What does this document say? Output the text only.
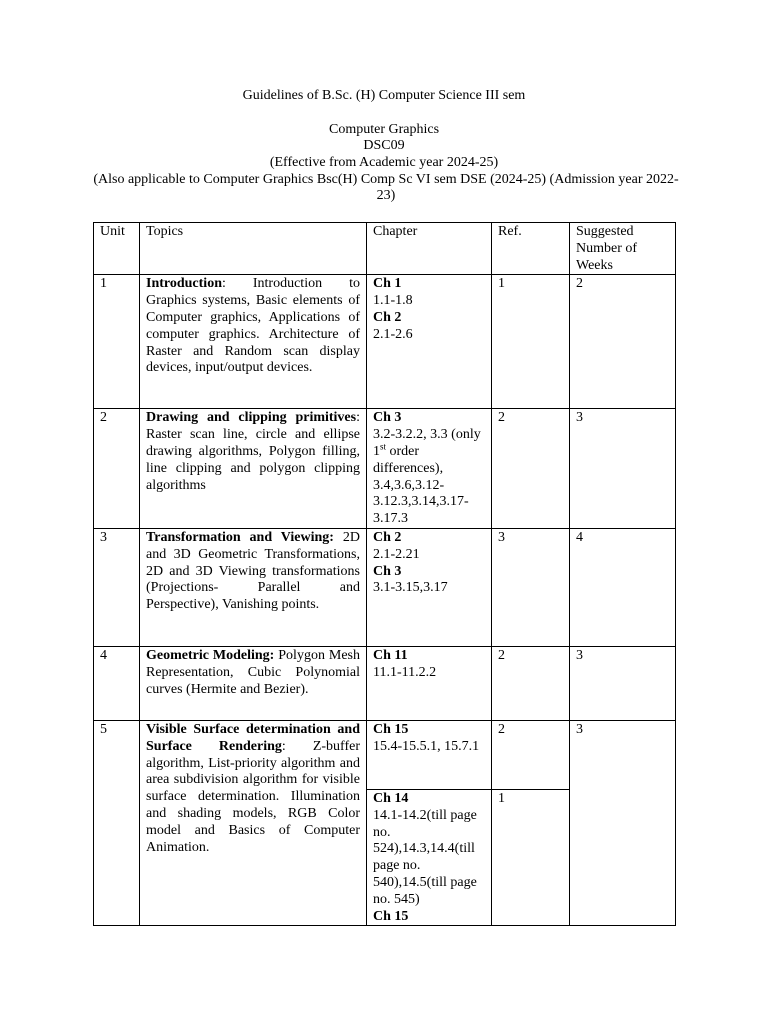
Guidelines of B.Sc. (H) Computer Science III sem
Computer Graphics
DSC09
(Effective from Academic year 2024-25)
(Also applicable to Computer Graphics Bsc(H) Comp Sc VI sem DSE (2024-25) (Admission year 2022-23)
Unit	Topics	Chapter	Ref.	Suggested Number of Weeks
1	Introduction: Introduction to Graphics systems, Basic elements of Computer graphics, Applications of computer graphics. Architecture of Raster and Random scan display devices, input/output devices.	Ch 1
1.1-1.8
Ch 2
2.1-2.6	1	2
2	Drawing and clipping primitives: Raster scan line, circle and ellipse drawing algorithms, Polygon filling, line clipping and polygon clipping algorithms	Ch 3
3.2-3.2.2, 3.3 (only 1st order differences), 3.4,3.6,3.12-3.12.3,3.14,3.17-3.17.3	2	3
3	Transformation and Viewing: 2D and 3D Geometric Transformations, 2D and 3D Viewing transformations (Projections- Parallel and Perspective), Vanishing points.	Ch 2
2.1-2.21
Ch 3
3.1-3.15,3.17	3	4
4	Geometric Modeling: Polygon Mesh Representation, Cubic Polynomial curves (Hermite and Bezier).	Ch 11
11.1-11.2.2	2	3
5	Visible Surface determination and Surface Rendering: Z-buffer algorithm, List-priority algorithm and area subdivision algorithm for visible surface determination. Illumination and shading models, RGB Color model and Basics of Computer Animation.	Ch 15
15.4-15.5.1, 15.7.1	2	3

		Ch 14
14.1-14.2(till page no. 524),14.3,14.4(till page no. 540),14.5(till page no. 545)
Ch 15	1	
